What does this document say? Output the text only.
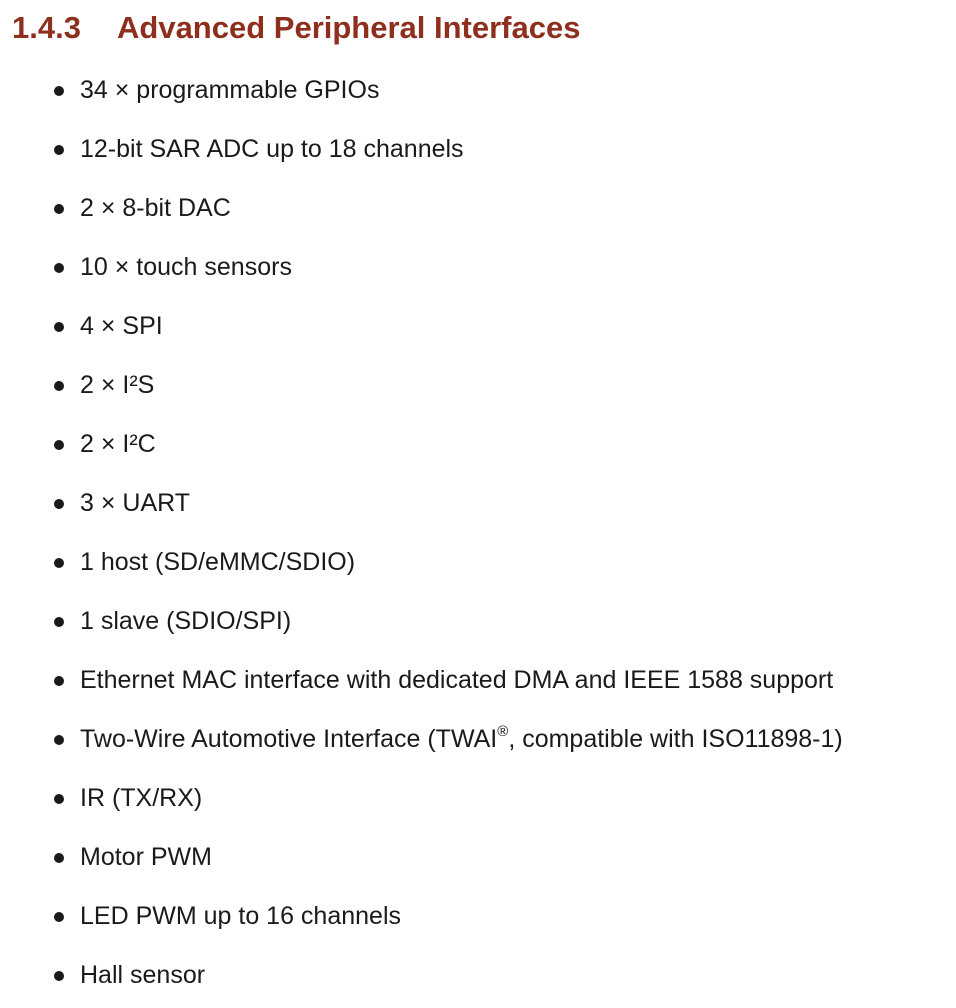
1.4.3 Advanced Peripheral Interfaces
34 × programmable GPIOs
12-bit SAR ADC up to 18 channels
2 × 8-bit DAC
10 × touch sensors
4 × SPI
2 × I²S
2 × I²C
3 × UART
1 host (SD/eMMC/SDIO)
1 slave (SDIO/SPI)
Ethernet MAC interface with dedicated DMA and IEEE 1588 support
Two-Wire Automotive Interface (TWAI®, compatible with ISO11898-1)
IR (TX/RX)
Motor PWM
LED PWM up to 16 channels
Hall sensor
